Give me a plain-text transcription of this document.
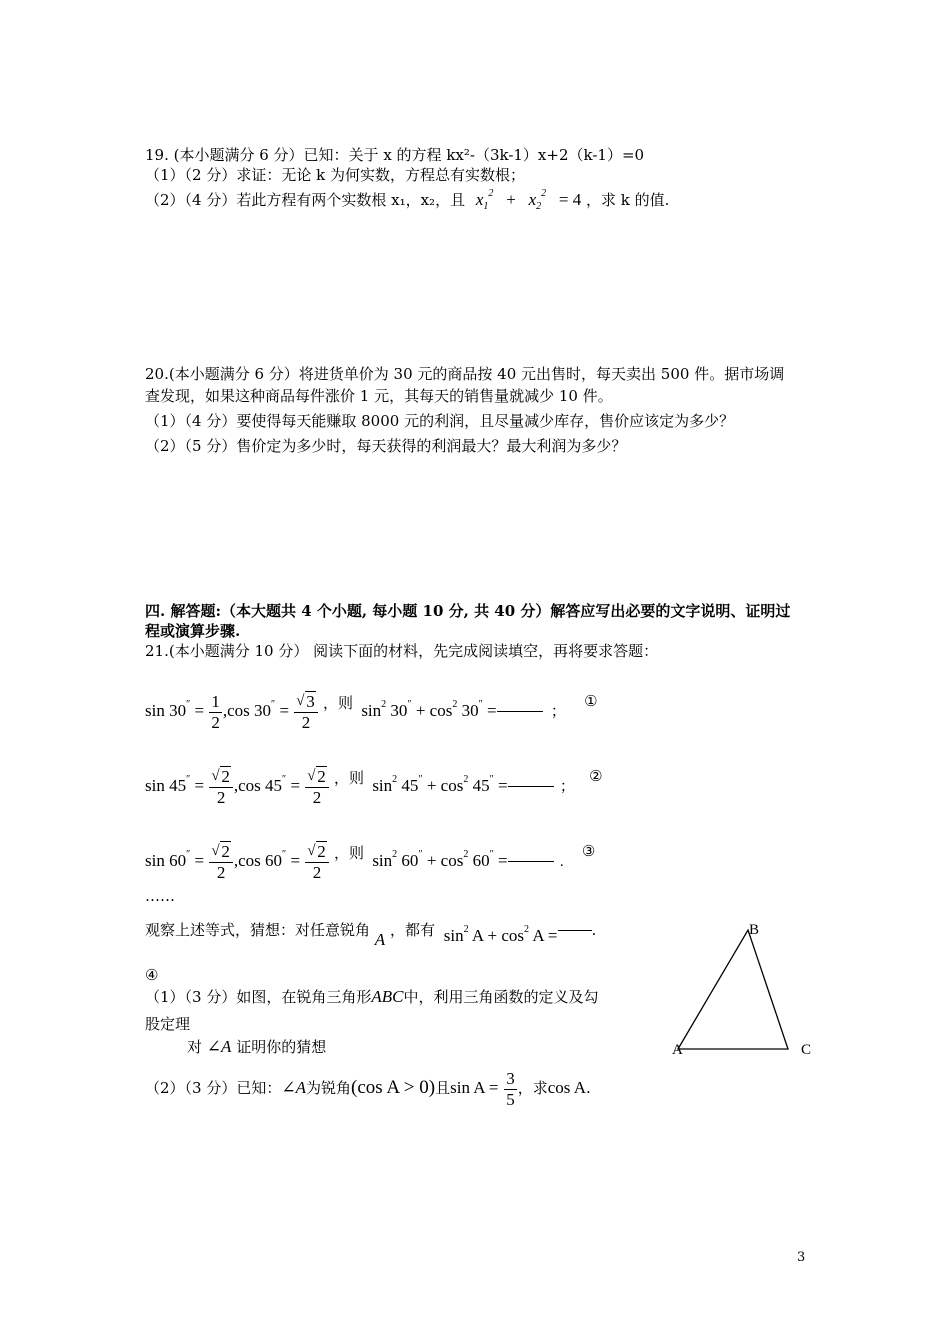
19. (本小题满分 6 分）已知：关于 x 的方程 kx²-（3k-1）x+2（k-1）=0
（1）（2 分）求证：无论 k 为何实数，方程总有实数根；
（2）（4 分）若此方程有两个实数根 x₁，x₂，且 $x_1^2 + x_2^2 = 4$ ，求 k 的值.
20.(本小题满分 6 分）将进货单价为 30 元的商品按 40 元出售时，每天卖出 500 件。据市场调
查发现，如果这种商品每件涨价 1 元，其每天的销售量就减少 10 件。
（1）（4 分）要使得每天能赚取 8000 元的利润，且尽量减少库存，售价应该定为多少？
（2）（5 分）售价定为多少时，每天获得的利润最大？最大利润为多少？
四. 解答题:（本大题共 4 个小题, 每小题 10 分, 共 40 分）解答应写出必要的文字说明、证明过
程或演算步骤.
21.(本小题满分 10 分） 阅读下面的材料，先完成阅读填空，再将要求答题：
$\sin 30'' = \frac{1}{2} ,\cos$ 30″ = √ $\frac{3}{2}$ ，则 $\sin^2 30'' + \cos^2 30''$ =	； ①
sin 45″ = √ $\frac{2}{2} ,\cos$ 45″ = √ $\frac{2}{2}$ ，则 $\sin^2 45'' + \cos^2 45''$ =	； ②
sin 60″ = √ $\frac{2}{2} ,\cos$ 60″ = √ $\frac{2}{2}$ ，则 $\sin^2 60'' + \cos^2 60''$ =	. ③
……
观察上述等式，猜想：对任意锐角 A ，都有 $\sin^2 A + \cos^2 A$ = .
④
（1）（3 分）如图，在锐角三角形ABC中，利用三角函数的定义及勾
股定理
对 ∠A 证明你的猜想
（2）（3 分）已知：∠A为锐角(cos A > 0)且$\sin A = \frac{3}{5}$ ，求cos A.
A
B
C
3
